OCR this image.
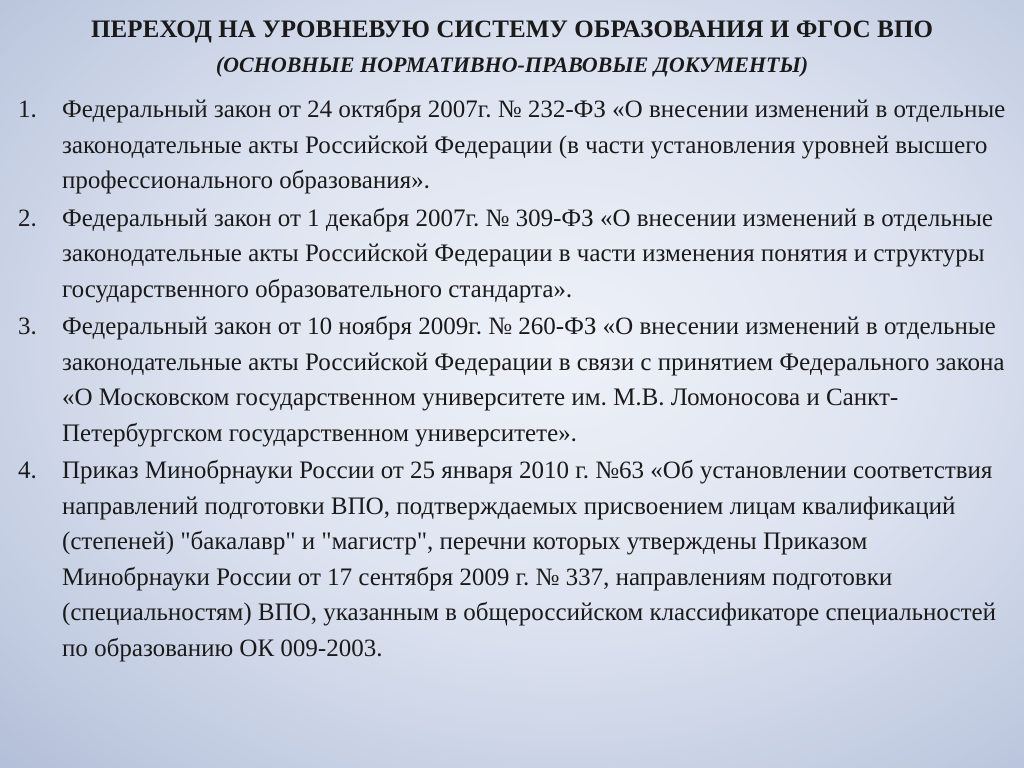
ПЕРЕХОД НА УРОВНЕВУЮ СИСТЕМУ ОБРАЗОВАНИЯ И ФГОС ВПО
(ОСНОВНЫЕ НОРМАТИВНО-ПРАВОВЫЕ ДОКУМЕНТЫ)
1.	Федеральный закон от 24 октября 2007г. № 232-ФЗ «О внесении изменений в отдельные законодательные акты Российской Федерации (в части установления уровней высшего профессионального образования».
2.	Федеральный закон от 1 декабря 2007г. № 309-ФЗ «О внесении изменений в отдельные законодательные акты Российской Федерации в части изменения понятия и структуры государственного образовательного стандарта».
3.	Федеральный закон от 10 ноября 2009г. № 260-ФЗ «О внесении изменений в отдельные законодательные акты Российской Федерации в связи с принятием Федерального закона «О Московском государственном университете им. М.В. Ломоносова и Санкт-Петербургском государственном университете».
4.	Приказ Минобрнауки России от 25 января 2010 г. №63 «Об установлении соответствия направлений подготовки ВПО, подтверждаемых присвоением лицам квалификаций (степеней) "бакалавр" и "магистр", перечни которых утверждены Приказом Минобрнауки России от 17 сентября 2009 г. № 337, направлениям подготовки (специальностям) ВПО, указанным в общероссийском классификаторе специальностей по образованию ОК 009-2003.
